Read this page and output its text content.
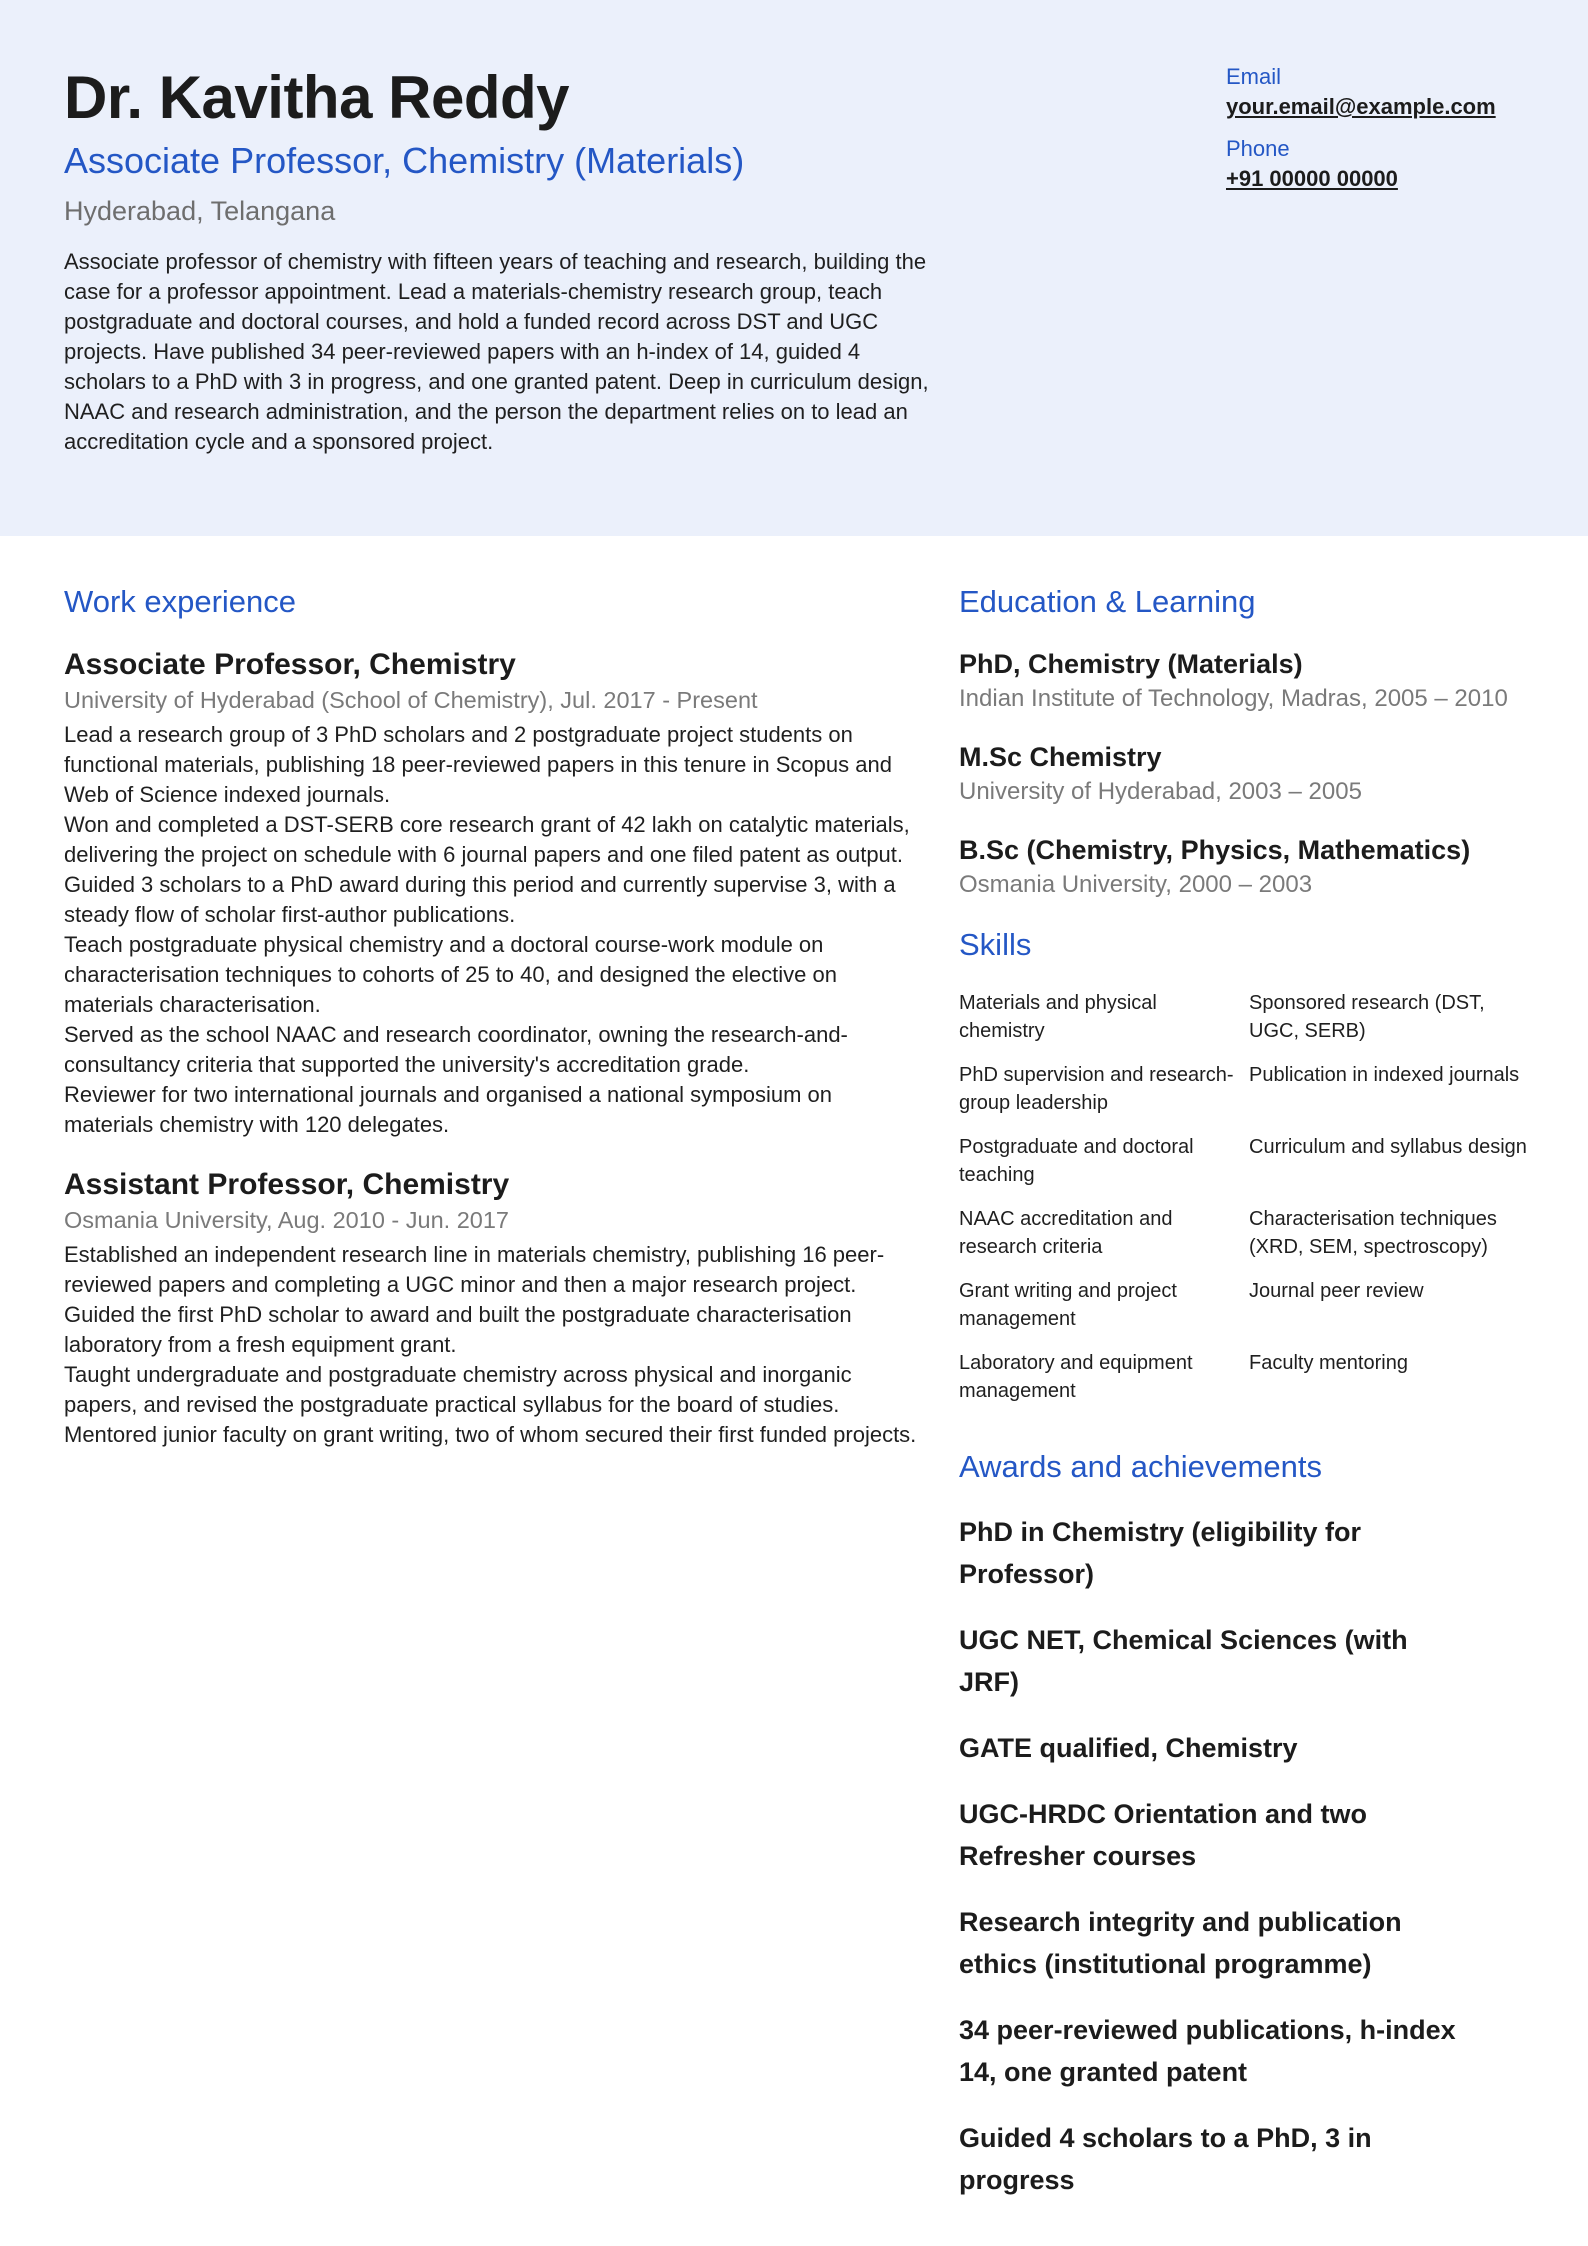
Dr. Kavitha Reddy
Associate Professor, Chemistry (Materials)
Hyderabad, Telangana

Associate professor of chemistry with fifteen years of teaching and research, building the case for a professor appointment. Lead a materials-chemistry research group, teach postgraduate and doctoral courses, and hold a funded record across DST and UGC projects. Have published 34 peer-reviewed papers with an h-index of 14, guided 4 scholars to a PhD with 3 in progress, and one granted patent. Deep in curriculum design, NAAC and research administration, and the person the department relies on to lead an accreditation cycle and a sponsored project.

Email
your.email@example.com
Phone
+91 00000 00000
Work experience
Associate Professor, Chemistry
University of Hyderabad (School of Chemistry), Jul. 2017 - Present
Lead a research group of 3 PhD scholars and 2 postgraduate project students on functional materials, publishing 18 peer-reviewed papers in this tenure in Scopus and Web of Science indexed journals.
Won and completed a DST-SERB core research grant of 42 lakh on catalytic materials, delivering the project on schedule with 6 journal papers and one filed patent as output.
Guided 3 scholars to a PhD award during this period and currently supervise 3, with a steady flow of scholar first-author publications.
Teach postgraduate physical chemistry and a doctoral course-work module on characterisation techniques to cohorts of 25 to 40, and designed the elective on materials characterisation.
Served as the school NAAC and research coordinator, owning the research-and-consultancy criteria that supported the university's accreditation grade.
Reviewer for two international journals and organised a national symposium on materials chemistry with 120 delegates.
Assistant Professor, Chemistry
Osmania University, Aug. 2010 - Jun. 2017
Established an independent research line in materials chemistry, publishing 16 peer-reviewed papers and completing a UGC minor and then a major research project.
Guided the first PhD scholar to award and built the postgraduate characterisation laboratory from a fresh equipment grant.
Taught undergraduate and postgraduate chemistry across physical and inorganic papers, and revised the postgraduate practical syllabus for the board of studies.
Mentored junior faculty on grant writing, two of whom secured their first funded projects.
Education & Learning
PhD, Chemistry (Materials)
Indian Institute of Technology, Madras, 2005 – 2010
M.Sc Chemistry
University of Hyderabad, 2003 – 2005
B.Sc (Chemistry, Physics, Mathematics)
Osmania University, 2000 – 2003
Skills
Materials and physical chemistry
Sponsored research (DST, UGC, SERB)
PhD supervision and research-group leadership
Publication in indexed journals
Postgraduate and doctoral teaching
Curriculum and syllabus design
NAAC accreditation and research criteria
Characterisation techniques (XRD, SEM, spectroscopy)
Grant writing and project management
Journal peer review
Laboratory and equipment management
Faculty mentoring
Awards and achievements
PhD in Chemistry (eligibility for Professor)
UGC NET, Chemical Sciences (with JRF)
GATE qualified, Chemistry
UGC-HRDC Orientation and two Refresher courses
Research integrity and publication ethics (institutional programme)
34 peer-reviewed publications, h-index 14, one granted patent
Guided 4 scholars to a PhD, 3 in progress
